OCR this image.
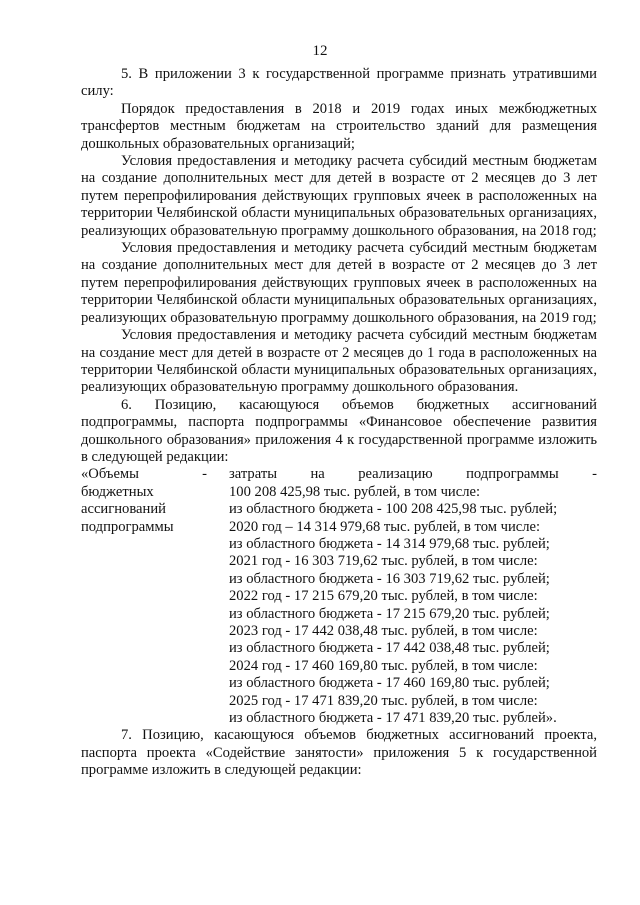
12

5. В приложении 3 к государственной программе признать утратившими силу:

Порядок предоставления в 2018 и 2019 годах иных межбюджетных трансфертов местным бюджетам на строительство зданий для размещения дошкольных образовательных организаций;

Условия предоставления и методику расчета субсидий местным бюджетам на создание дополнительных мест для детей в возрасте от 2 месяцев до 3 лет путем перепрофилирования действующих групповых ячеек в расположенных на территории Челябинской области муниципальных образовательных организациях, реализующих образовательную программу дошкольного образования, на 2018 год;

Условия предоставления и методику расчета субсидий местным бюджетам на создание дополнительных мест для детей в возрасте от 2 месяцев до 3 лет путем перепрофилирования действующих групповых ячеек в расположенных на территории Челябинской области муниципальных образовательных организациях, реализующих образовательную программу дошкольного образования, на 2019 год;

Условия предоставления и методику расчета субсидий местным бюджетам на создание мест для детей в возрасте от 2 месяцев до 1 года в расположенных на территории Челябинской области муниципальных образовательных организациях, реализующих образовательную программу дошкольного образования.

6. Позицию, касающуюся объемов бюджетных ассигнований подпрограммы, паспорта подпрограммы «Финансовое обеспечение развития дошкольного образования» приложения 4 к государственной программе изложить в следующей редакции:

«Объемы	-
бюджетных
ассигнований
подпрограммы
затраты на реализацию подпрограммы -
100 208 425,98 тыс. рублей, в том числе:
из областного бюджета - 100 208 425,98 тыс. рублей;
2020 год – 14 314 979,68 тыс. рублей, в том числе:
из областного бюджета - 14 314 979,68 тыс. рублей;
2021 год - 16 303 719,62 тыс. рублей, в том числе:
из областного бюджета - 16 303 719,62 тыс. рублей;
2022 год - 17 215 679,20 тыс. рублей, в том числе:
из областного бюджета - 17 215 679,20 тыс. рублей;
2023 год - 17 442 038,48 тыс. рублей, в том числе:
из областного бюджета - 17 442 038,48 тыс. рублей;
2024 год - 17 460 169,80 тыс. рублей, в том числе:
из областного бюджета - 17 460 169,80 тыс. рублей;
2025 год - 17 471 839,20 тыс. рублей, в том числе:
из областного бюджета - 17 471 839,20 тыс. рублей».

7. Позицию, касающуюся объемов бюджетных ассигнований проекта, паспорта проекта «Содействие занятости» приложения 5 к государственной программе изложить в следующей редакции:
